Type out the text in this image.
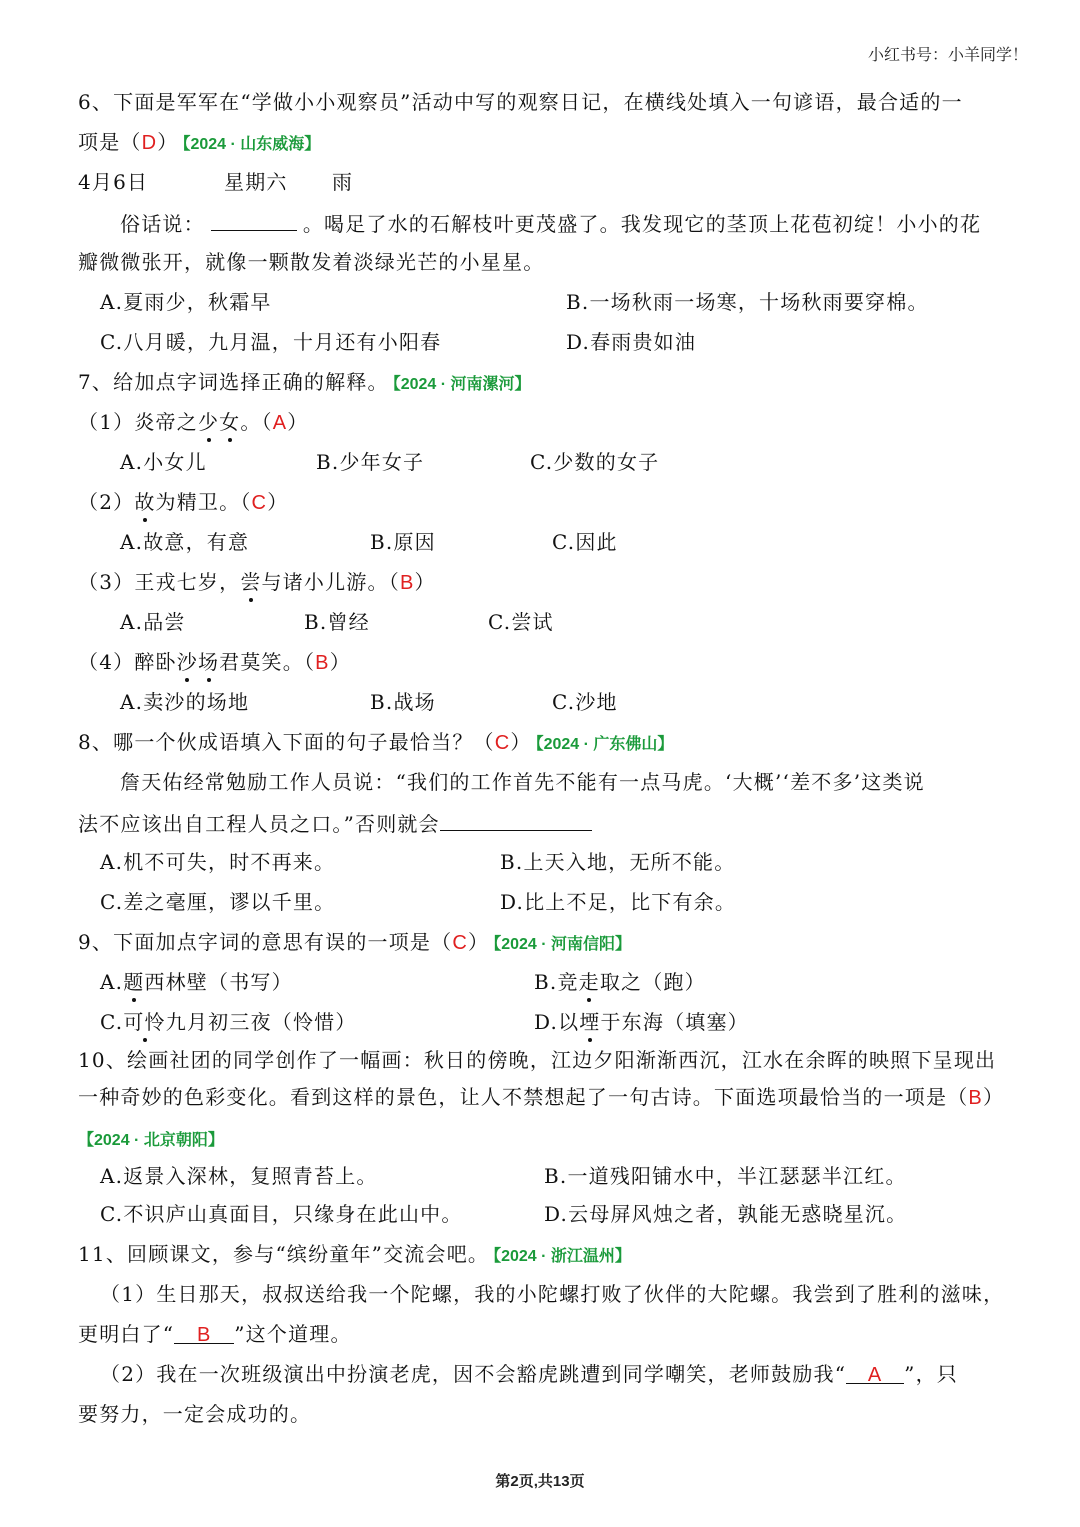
小红书号：小羊同学！
6、下面是军军在“学做小小观察员”活动中写的观察日记，在横线处填入一句谚语，最合适的一
项是（D） 【2024 · 山东威海】
4月6日	星期六 雨
俗话说：	。喝足了水的石解枝叶更茂盛了。我发现它的茎顶上花苞初绽！小小的花
瓣微微张开，就像一颗散发着淡绿光芒的小星星。
A.夏雨少，秋霜早	B.一场秋雨一场寒，十场秋雨要穿棉。
C.八月暖，九月温，十月还有小阳春	D.春雨贵如油
7、给加点字词选择正确的解释。 【2024 · 河南漯河】
（1）炎帝之少女。（A）
A.小女儿	B.少年女子	C.少数的女子
（2）故为精卫。（C）
A.故意，有意	B.原因	C.因此
（3）王戎七岁，尝与诸小儿游。（B）
A.品尝	B.曾经	C.尝试
（4）醉卧沙场君莫笑。（B）
A.卖沙的场地	B.战场	C.沙地
8、哪一个伙成语填入下面的句子最恰当？（C） 【2024 · 广东佛山】
詹天佑经常勉励工作人员说：“我们的工作首先不能有一点马虎。‘大概’‘差不多’这类说
法不应该出自工程人员之口。”否则就会
A.机不可失，时不再来。	B.上天入地，无所不能。
C.差之毫厘，谬以千里。	D.比上不足，比下有余。
9、下面加点字词的意思有误的一项是（C） 【2024 · 河南信阳】
A.题西林壁（书写）	B.竞走取之（跑）
C.可怜九月初三夜（怜惜）	D.以堙于东海（填塞）
10、绘画社团的同学创作了一幅画：秋日的傍晚，江边夕阳渐渐西沉，江水在余晖的映照下呈现出
一种奇妙的色彩变化。看到这样的景色，让人不禁想起了一句古诗。下面选项最恰当的一项是（B）
【2024 · 北京朝阳】
A.返景入深林，复照青苔上。	B.一道残阳铺水中，半江瑟瑟半江红。
C.不识庐山真面目，只缘身在此山中。	D.云母屏风烛之者，孰能无惑晓星沉。
11、回顾课文，参与“缤纷童年”交流会吧。 【2024 · 浙江温州】
（1）生日那天，叔叔送给我一个陀螺，我的小陀螺打败了伙伴的大陀螺。我尝到了胜利的滋味，
更明白了“ B ”这个道理。
（2）我在一次班级演出中扮演老虎，因不会豁虎跳遭到同学嘲笑，老师鼓励我“ A ”，只
要努力，一定会成功的。
第2页,共13页
